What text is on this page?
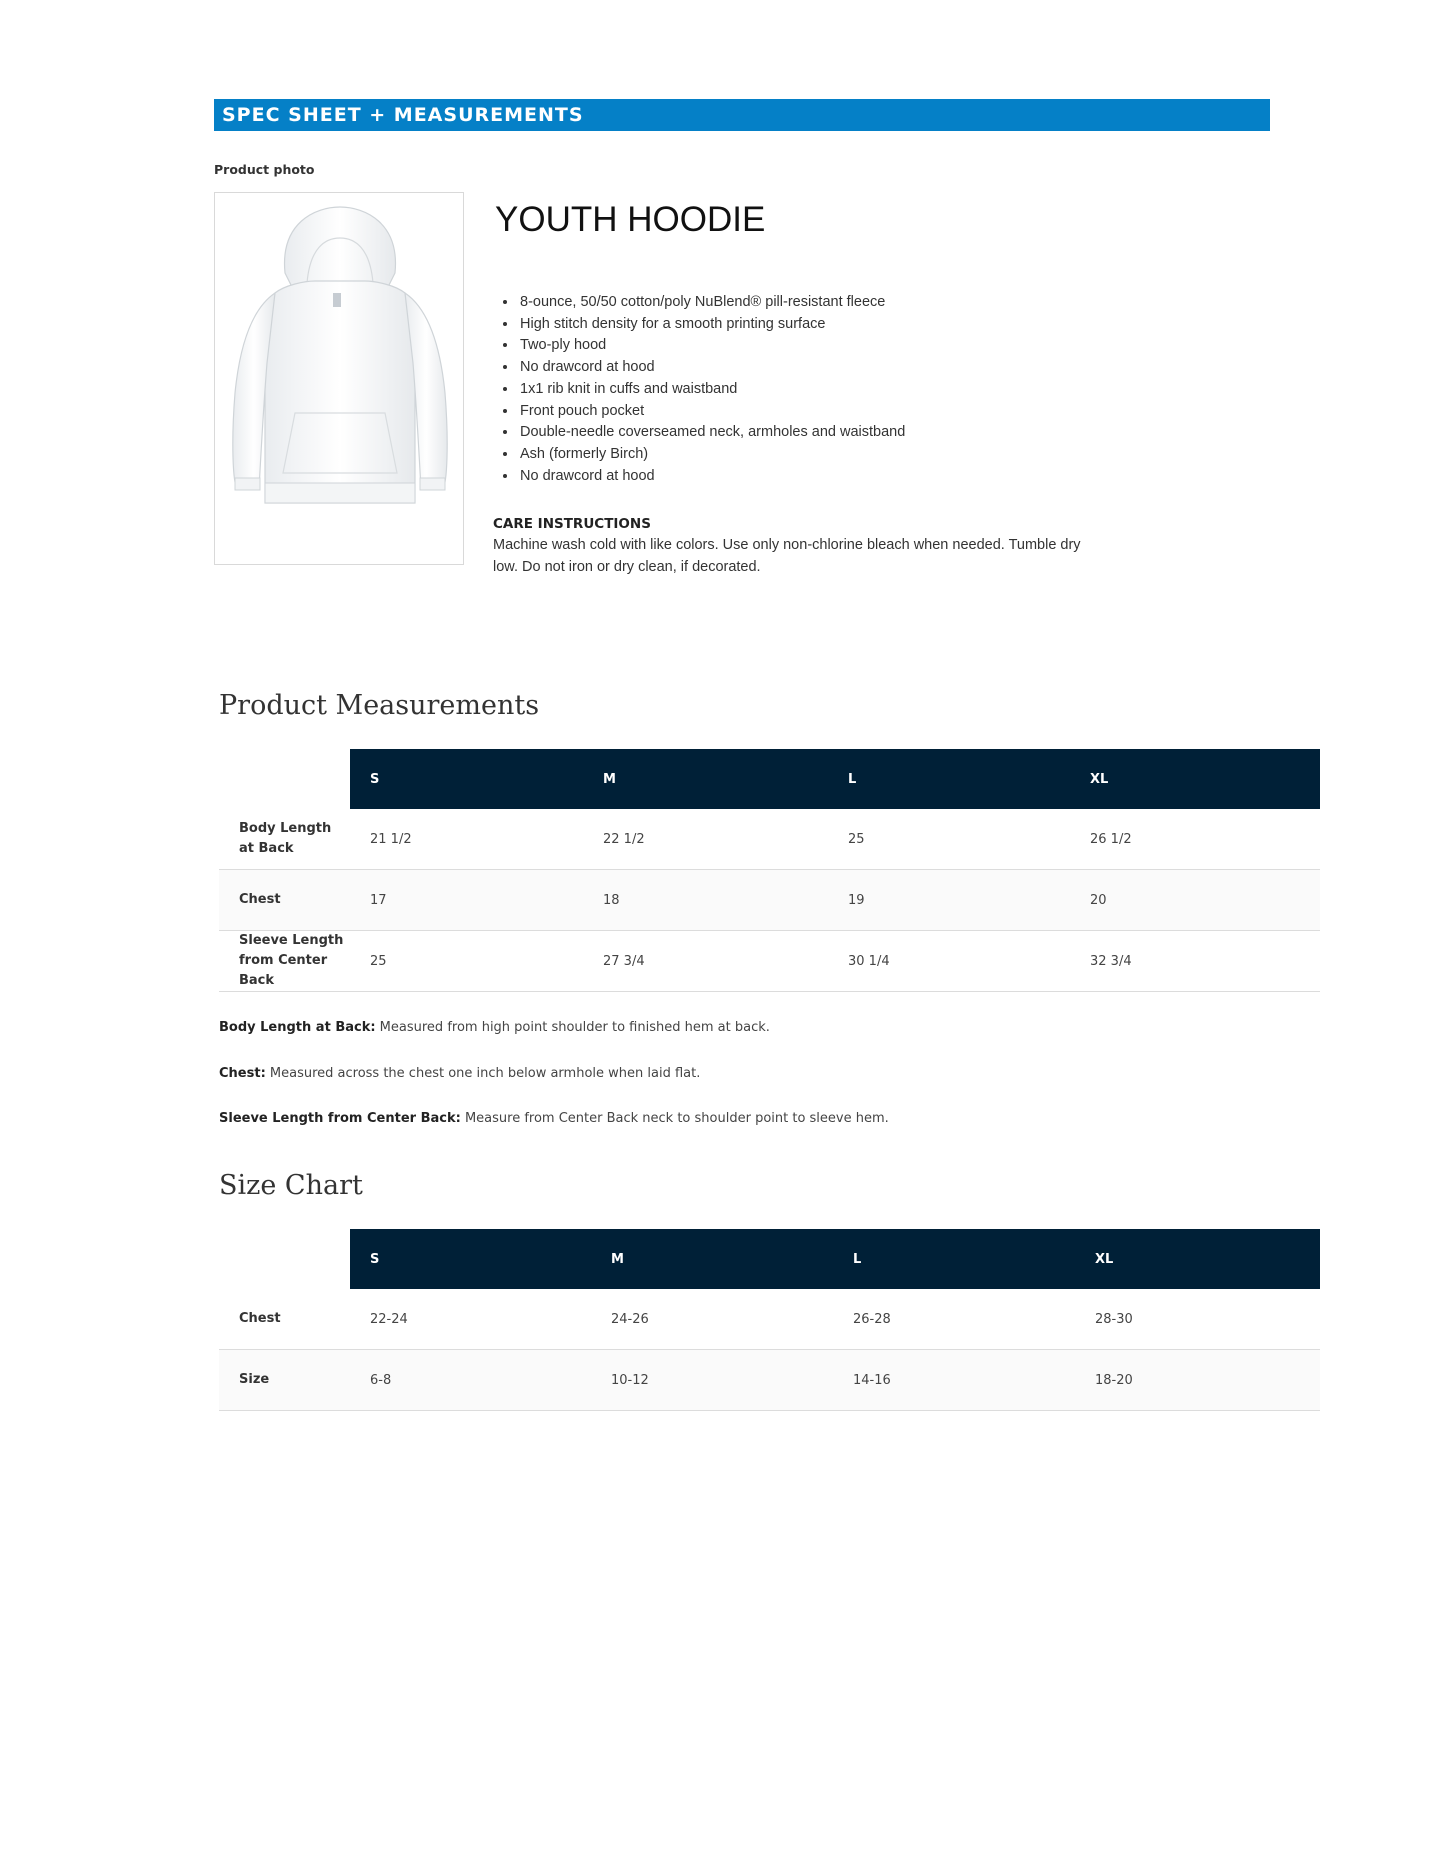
SPEC SHEET + MEASUREMENTS
Product photo
YOUTH HOODIE
• 8-ounce, 50/50 cotton/poly NuBlend® pill-resistant fleece
• High stitch density for a smooth printing surface
• Two-ply hood
• No drawcord at hood
• 1x1 rib knit in cuffs and waistband
• Front pouch pocket
• Double-needle coverseamed neck, armholes and waistband
• Ash (formerly Birch)
• No drawcord at hood
CARE INSTRUCTIONS

Machine wash cold with like colors. Use only non-chlorine bleach when needed. Tumble dry low. Do not iron or dry clean, if decorated.

Product Measurements
	S	M	L	XL
Body Length at Back	21 1/2	22 1/2	25	26 1/2
Chest	17	18	19	20
Sleeve Length from Center Back	25	27 3/4	30 1/4	32 3/4

Body Length at Back: Measured from high point shoulder to finished hem at back.

Chest: Measured across the chest one inch below armhole when laid flat.

Sleeve Length from Center Back: Measure from Center Back neck to shoulder point to sleeve hem.

Size Chart
	S	M	L	XL
Chest	22-24	24-26	26-28	28-30
Size	6-8	10-12	14-16	18-20
